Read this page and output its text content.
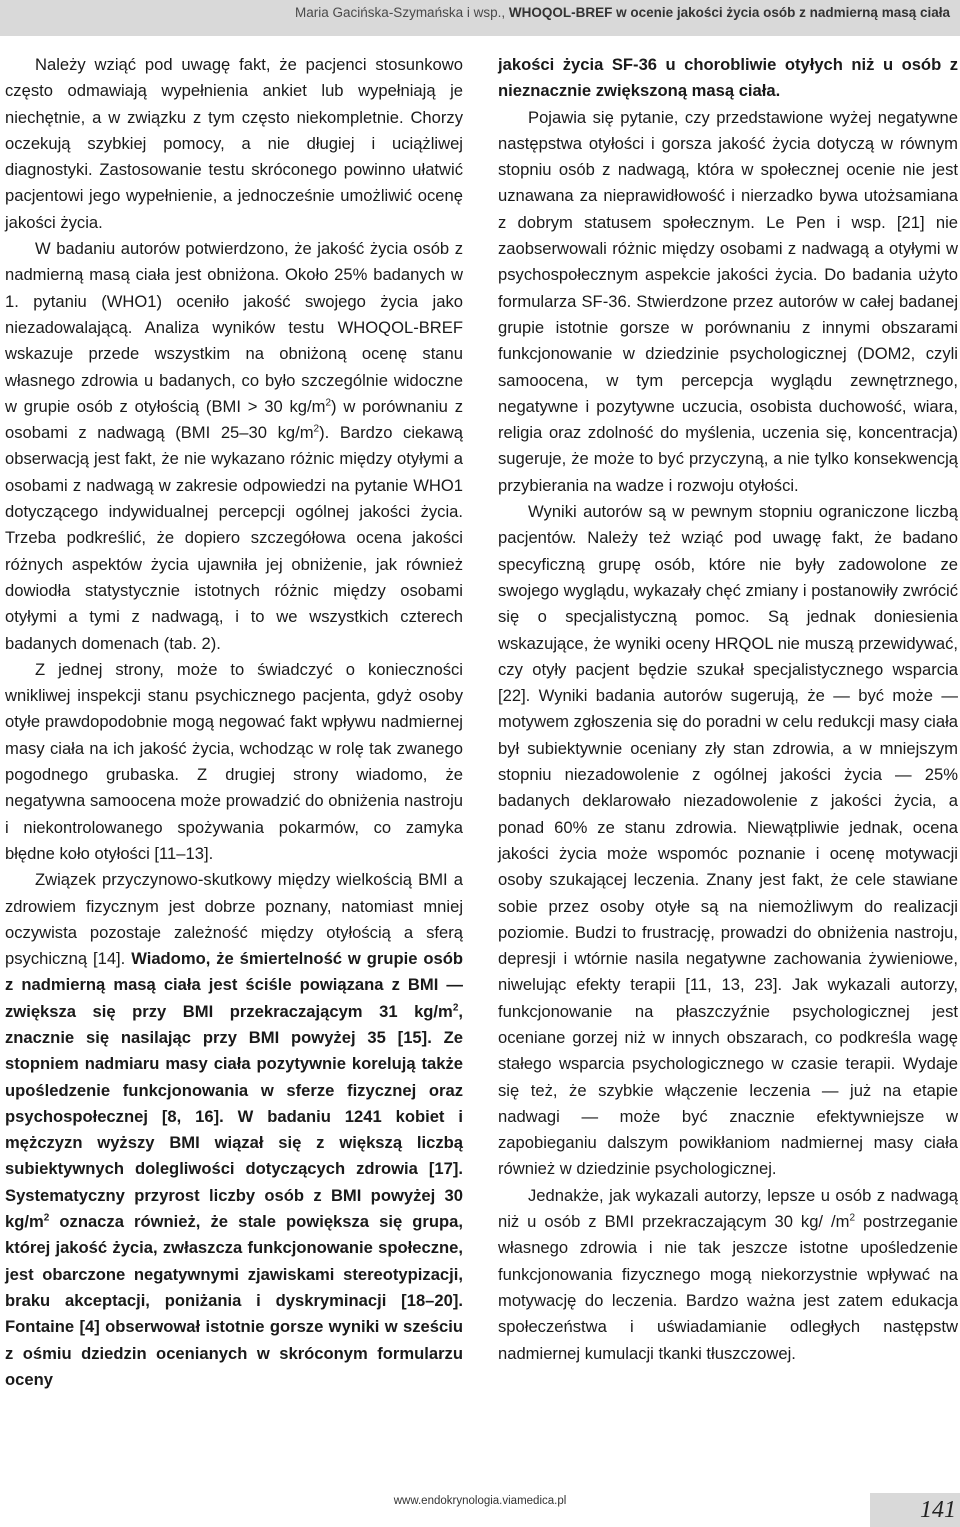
Maria Gacińska-Szymańska i wsp., WHOQOL-BREF w ocenie jakości życia osób z nadmierną masą ciała

Należy wziąć pod uwagę fakt, że pacjenci stosunkowo często odmawiają wypełnienia ankiet lub wypełniają je niechętnie, a w związku z tym często niekompletnie. Chorzy oczekują szybkiej pomocy, a nie długiej i uciążliwej diagnostyki. Zastosowanie testu skróconego powinno ułatwić pacjentowi jego wypełnienie, a jednocześnie umożliwić ocenę jakości życia.

W badaniu autorów potwierdzono, że jakość życia osób z nadmierną masą ciała jest obniżona. Około 25% badanych w 1. pytaniu (WHO1) oceniło jakość swojego życia jako niezadowalającą. Analiza wyników testu WHOQOL-BREF wskazuje przede wszystkim na obniżoną ocenę stanu własnego zdrowia u badanych, co było szczególnie widoczne w grupie osób z otyłością (BMI > 30 $kg/m^2$) w porównaniu z osobami z nadwagą (BMI 25–30 $kg/m^2$). Bardzo ciekawą obserwacją jest fakt, że nie wykazano różnic między otyłymi a osobami z nadwagą w zakresie odpowiedzi na pytanie WHO1 dotyczącego indywidualnej percepcji ogólnej jakości życia. Trzeba podkreślić, że dopiero szczegółowa ocena jakości różnych aspektów życia ujawniła jej obniżenie, jak również dowiodła statystycznie istotnych różnic między osobami otyłymi a tymi z nadwagą, i to we wszystkich czterech badanych domenach (tab. 2).

Z jednej strony, może to świadczyć o konieczności wnikliwej inspekcji stanu psychicznego pacjenta, gdyż osoby otyłe prawdopodobnie mogą negować fakt wpływu nadmiernej masy ciała na ich jakość życia, wchodząc w rolę tak zwanego pogodnego grubaska. Z drugiej strony wiadomo, że negatywna samoocena może prowadzić do obniżenia nastroju i niekontrolowanego spożywania pokarmów, co zamyka błędne koło otyłości [11–13].

Związek przyczynowo-skutkowy między wielkością BMI a zdrowiem fizycznym jest dobrze poznany, natomiast mniej oczywista pozostaje zależność między otyłością a sferą psychiczną [14]. Wiadomo, że śmiertelność w grupie osób z nadmierną masą ciała jest ściśle powiązana z BMI — zwiększa się przy BMI przekraczającym 31 $kg/m^2$, znacznie się nasilając przy BMI powyżej 35 [15]. Ze stopniem nadmiaru masy ciała pozytywnie korelują także upośledzenie funkcjonowania w sferze fizycznej oraz psychospołecznej [8, 16]. W badaniu 1241 kobiet i mężczyzn wyższy BMI wiązał się z większą liczbą subiektywnych dolegliwości dotyczących zdrowia [17]. Systematyczny przyrost liczby osób z BMI powyżej 30 $kg/m^2$ oznacza również, że stale powiększa się grupa, której jakość życia, zwłaszcza funkcjonowanie społeczne, jest obarczone negatywnymi zjawiskami stereotypizacji, braku akceptacji, poniżania i dyskryminacji [18–20]. Fontaine [4] obserwował istotnie gorsze wyniki w sześciu z ośmiu dziedzin ocenianych w skróconym formularzu oceny

jakości życia SF-36 u chorobliwie otyłych niż u osób z nieznacznie zwiększoną masą ciała.

Pojawia się pytanie, czy przedstawione wyżej negatywne następstwa otyłości i gorsza jakość życia dotyczą w równym stopniu osób z nadwagą, która w społecznej ocenie nie jest uznawana za nieprawidłowość i nierzadko bywa utożsamiana z dobrym statusem społecznym. Le Pen i wsp. [21] nie zaobserwowali różnic między osobami z nadwagą a otyłymi w psychospołecznym aspekcie jakości życia. Do badania użyto formularza SF-36. Stwierdzone przez autorów w całej badanej grupie istotnie gorsze w porównaniu z innymi obszarami funkcjonowanie w dziedzinie psychologicznej (DOM2, czyli samoocena, w tym percepcja wyglądu zewnętrznego, negatywne i pozytywne uczucia, osobista duchowość, wiara, religia oraz zdolność do myślenia, uczenia się, koncentracja) sugeruje, że może to być przyczyną, a nie tylko konsekwencją przybierania na wadze i rozwoju otyłości.

Wyniki autorów są w pewnym stopniu ograniczone liczbą pacjentów. Należy też wziąć pod uwagę fakt, że badano specyficzną grupę osób, które nie były zadowolone ze swojego wyglądu, wykazały chęć zmiany i postanowiły zwrócić się o specjalistyczną pomoc. Są jednak doniesienia wskazujące, że wyniki oceny HRQOL nie muszą przewidywać, czy otyły pacjent będzie szukał specjalistycznego wsparcia [22]. Wyniki badania autorów sugerują, że — być może — motywem zgłoszenia się do poradni w celu redukcji masy ciała był subiektywnie oceniany zły stan zdrowia, a w mniejszym stopniu niezadowolenie z ogólnej jakości życia — 25% badanych deklarowało niezadowolenie z jakości życia, a ponad 60% ze stanu zdrowia. Niewątpliwie jednak, ocena jakości życia może wspomóc poznanie i ocenę motywacji osoby szukającej leczenia. Znany jest fakt, że cele stawiane sobie przez osoby otyłe są na niemożliwym do realizacji poziomie. Budzi to frustrację, prowadzi do obniżenia nastroju, depresji i wtórnie nasila negatywne zachowania żywieniowe, niwelując efekty terapii [11, 13, 23]. Jak wykazali autorzy, funkcjonowanie na płaszczyźnie psychologicznej jest oceniane gorzej niż w innych obszarach, co podkreśla wagę stałego wsparcia psychologicznego w czasie terapii. Wydaje się też, że szybkie włączenie leczenia — już na etapie nadwagi — może być znacznie efektywniejsze w zapobieganiu dalszym powikłaniom nadmiernej masy ciała również w dziedzinie psychologicznej.

Jednakże, jak wykazali autorzy, lepsze u osób z nadwagą niż u osób z BMI przekraczającym 30 kg/ $/m^2$ postrzeganie własnego zdrowia i nie tak jeszcze istotne upośledzenie funkcjonowania fizycznego mogą niekorzystnie wpływać na motywację do leczenia. Bardzo ważna jest zatem edukacja społeczeństwa i uświadamianie odległych następstw nadmiernej kumulacji tkanki tłuszczowej.

www.endokrynologia.viamedica.pl	141
